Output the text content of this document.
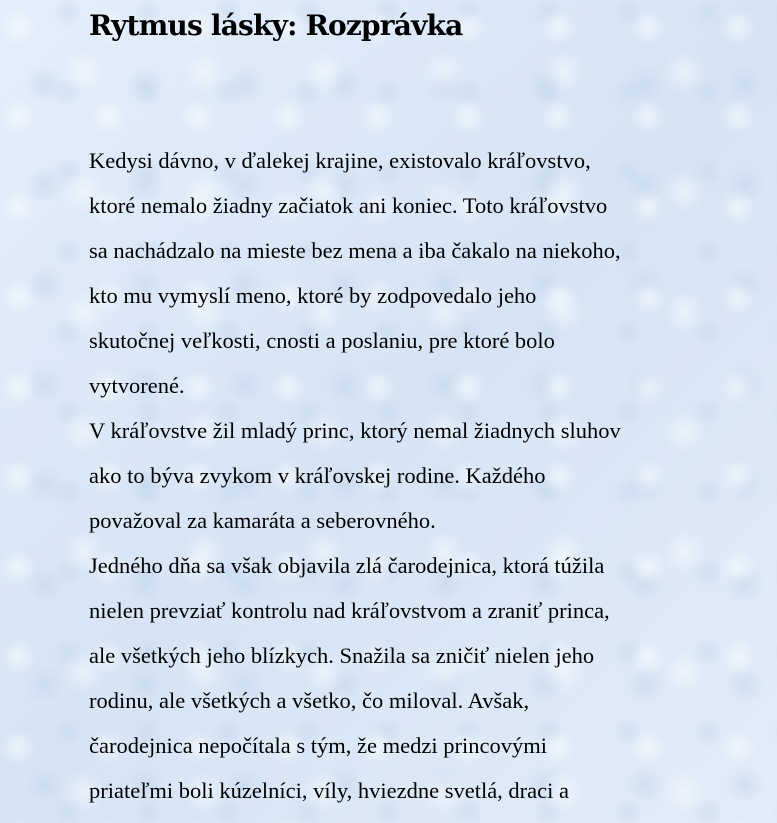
Rytmus lásky: Rozprávka

Kedysi dávno, v ďalekej krajine, existovalo kráľovstvo,
ktoré nemalo žiadny začiatok ani koniec. Toto kráľovstvo
sa nachádzalo na mieste bez mena a iba čakalo na niekoho,
kto mu vymyslí meno, ktoré by zodpovedalo jeho
skutočnej veľkosti, cnosti a poslaniu, pre ktoré bolo
vytvorené.

V kráľovstve žil mladý princ, ktorý nemal žiadnych sluhov
ako to býva zvykom v kráľovskej rodine. Každého
považoval za kamaráta a seberovného.

Jedného dňa sa však objavila zlá čarodejnica, ktorá túžila
nielen prevziať kontrolu nad kráľovstvom a zraniť princa,
ale všetkých jeho blízkych. Snažila sa zničiť nielen jeho
rodinu, ale všetkých a všetko, čo miloval. Avšak,
čarodejnica nepočítala s tým, že medzi princovými
priateľmi boli kúzelníci, víly, hviezdne svetlá, draci a
